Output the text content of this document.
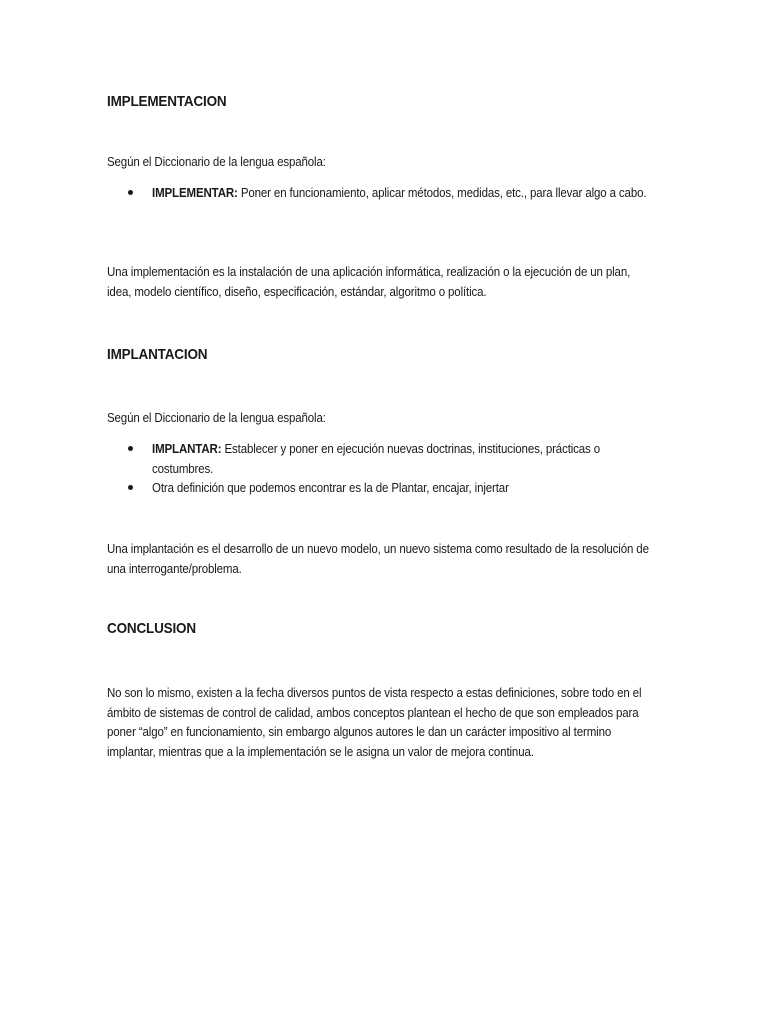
IMPLEMENTACION
Según el Diccionario de la lengua española:
IMPLEMENTAR: Poner en funcionamiento, aplicar métodos, medidas, etc., para llevar algo a cabo.
Una implementación es la instalación de una aplicación informática, realización o la ejecución de un plan, idea, modelo científico, diseño, especificación, estándar, algoritmo o política.
IMPLANTACION
Según el Diccionario de la lengua española:
IMPLANTAR: Establecer y poner en ejecución nuevas doctrinas, instituciones, prácticas o costumbres.
Otra definición que podemos encontrar es la de Plantar, encajar, injertar
Una implantación es el desarrollo de un nuevo modelo, un nuevo sistema como resultado de la resolución de una interrogante/problema.
CONCLUSION
No son lo mismo, existen a la fecha diversos puntos de vista respecto a estas definiciones, sobre todo en el ámbito de sistemas de control de calidad, ambos conceptos plantean el hecho de que son empleados para poner “algo” en funcionamiento, sin embargo algunos autores le dan un carácter impositivo al termino implantar, mientras que a la implementación se le asigna un valor de mejora continua.
